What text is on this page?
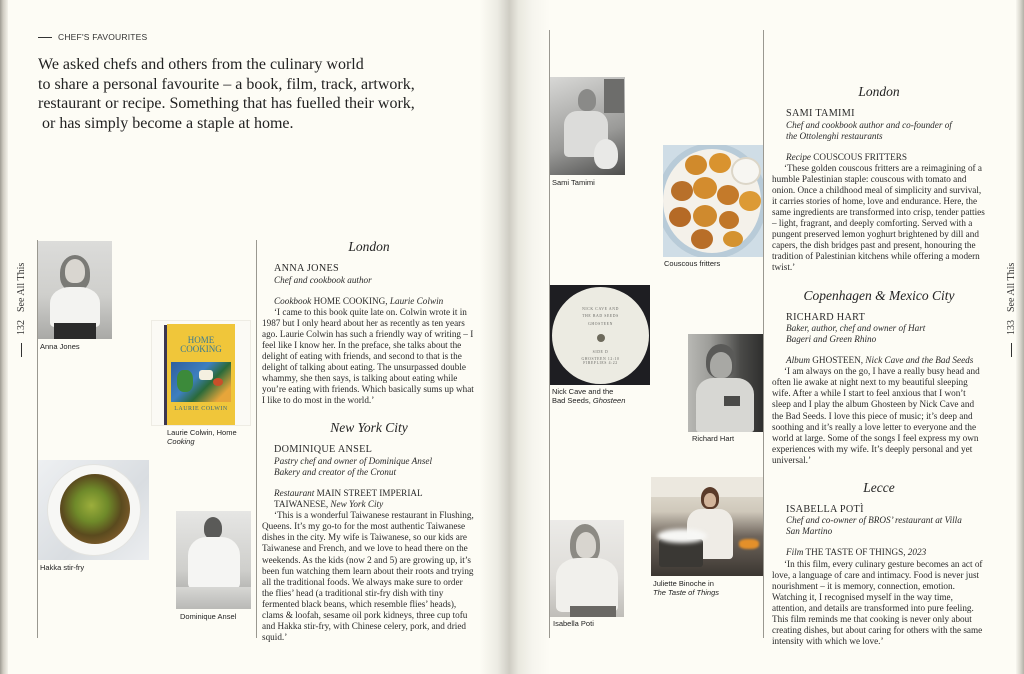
CHEF'S FAVOURITES
We asked chefs and others from the culinary world
to share a personal favourite – a book, film, track, artwork,
restaurant or recipe. Something that has fuelled their work,
or has simply become a staple at home.
132
See All This
Anna Jones
HOME COOKING
LAURIE COLWIN
Laurie Colwin, Home
Cooking
Hakka stir-fry
Dominique Ansel
London
ANNA JONES
Chef and cookbook author
Cookbook HOME COOKING, Laurie Colwin
‘I came to this book quite late on. Colwin wrote it in 1987 but I only heard about her as recently as ten years ago. Laurie Colwin has such a friendly way of writing – I feel like I know her. In the preface, she talks about the delight of eating with friends, and second to that is the delight of talking about eating. The unsurpassed double whammy, she then says, is talking about eating while you’re eating with friends. Which basically sums up what I like to do most in the world.’
New York City
DOMINIQUE ANSEL
Pastry chef and owner of Dominique Ansel Bakery and creator of the Cronut
Restaurant MAIN STREET IMPERIAL TAIWANESE, New York City
‘This is a wonderful Taiwanese restaurant in Flushing, Queens. It’s my go-to for the most authentic Taiwanese dishes in the city. My wife is Taiwanese, so our kids are Taiwanese and French, and we love to head there on the weekends. As the kids (now 2 and 5) are growing up, it’s been fun watching them learn about their roots and trying all the traditional foods. We always make sure to order the flies’ head (a traditional stir-fry dish with tiny fermented black beans, which resemble flies’ heads), clams & loofah, sesame oil pork kidneys, three cup tofu and Hakka stir-fry, with Chinese celery, pork, and dried squid.’
133
See All This
Sami Tamimi
Couscous fritters
NICK CAVE AND
THE BAD SEEDS
GHOSTEEN
SIDE D
GHOSTEEN 12:10
FIREFLIES 4:22
Nick Cave and the
Bad Seeds, Ghosteen
Richard Hart
Juliette Binoche in
The Taste of Things
Isabella Poti
London
SAMI TAMIMI
Chef and cookbook author and co-founder of the Ottolenghi restaurants
Recipe COUSCOUS FRITTERS
‘These golden couscous fritters are a reimagining of a humble Palestinian staple: couscous with tomato and onion. Once a childhood meal of simplicity and survival, it carries stories of home, love and endurance. Here, the same ingredients are transformed into crisp, tender patties – light, fragrant, and deeply comforting. Served with a pungent preserved lemon yoghurt brightened by dill and capers, the dish bridges past and present, honouring the tradition of Palestinian kitchens while offering a modern twist.’
Copenhagen & Mexico City
RICHARD HART
Baker, author, chef and owner of Hart Bageri and Green Rhino
Album GHOSTEEN, Nick Cave and the Bad Seeds
‘I am always on the go, I have a really busy head and often lie awake at night next to my beautiful sleeping wife. After a while I start to feel anxious that I won’t sleep and I play the album Ghosteen by Nick Cave and the Bad Seeds. I love this piece of music; it’s deep and soothing and it’s really a love letter to everyone and the world at large. Some of the songs I feel express my own experiences with my wife. It’s deeply personal and yet universal.’
Lecce
ISABELLA POTÌ
Chef and co-owner of BROS’ restaurant at Villa San Martino
Film THE TASTE OF THINGS, 2023
‘In this film, every culinary gesture becomes an act of love, a language of care and intimacy. Food is never just nourishment – it is memory, connection, emotion. Watching it, I recognised myself in the way time, attention, and details are transformed into pure feeling. This film reminds me that cooking is never only about creating dishes, but about caring for others with the same intensity with which we love.’
